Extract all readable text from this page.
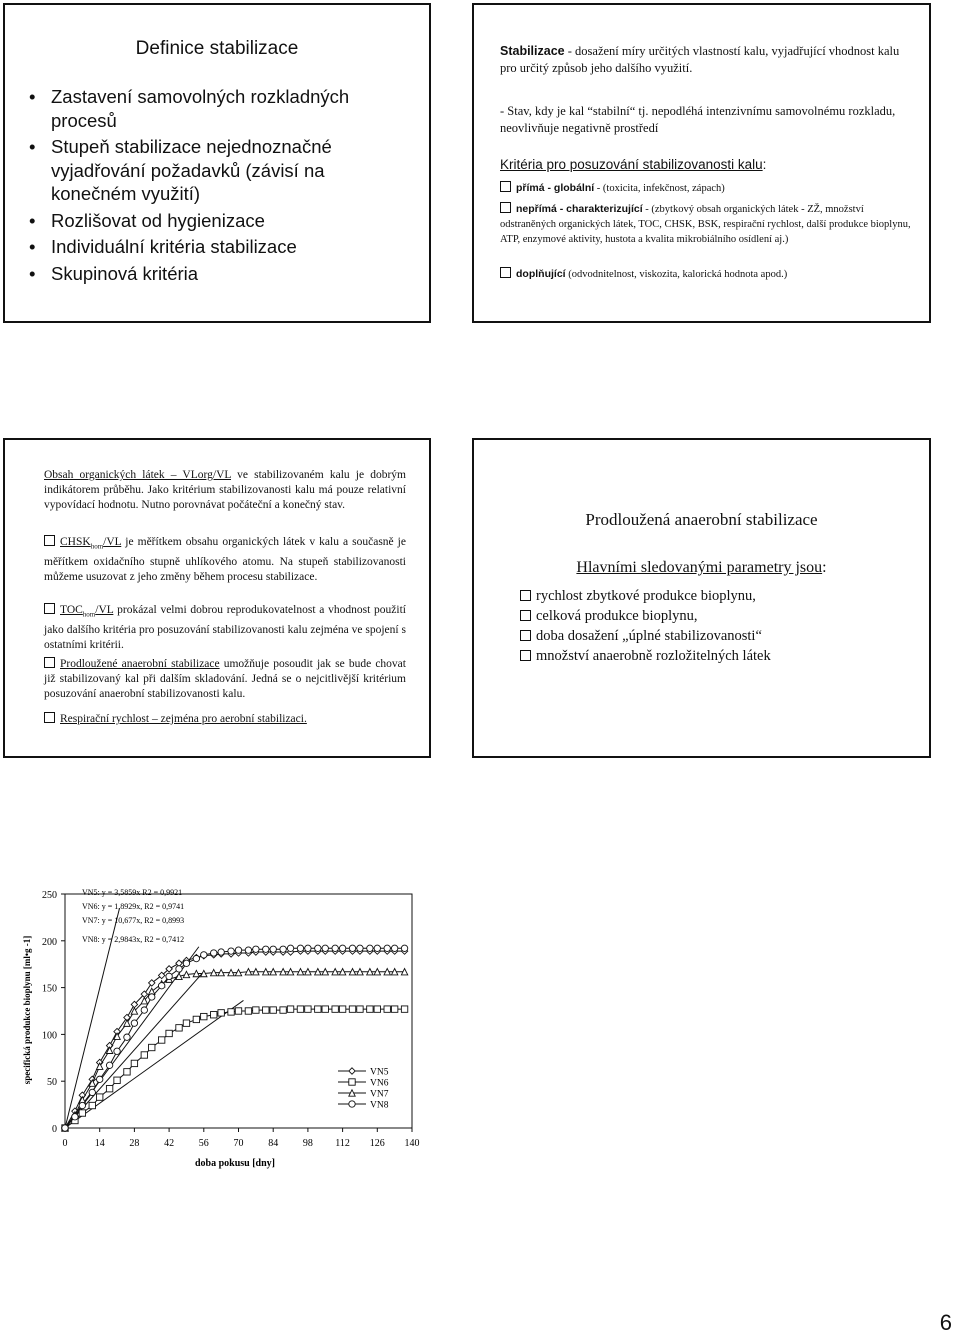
Definice stabilizace
• Zastavení samovolných rozkladných procesů
• Stupeň stabilizace nejednoznačné vyjadřování požadavků (závisí na konečném využití)
• Rozlišovat od hygienizace
• Individuální kritéria stabilizace
• Skupinová kritéria
Stabilizace - dosažení míry určitých vlastností kalu, vyjadřující vhodnost kalu pro určitý způsob jeho dalšího využití.
- Stav, kdy je kal “stabilní“ tj. nepodléhá intenzivnímu samovolnému rozkladu, neovlivňuje negativně prostředí
Kritéria pro posuzování stabilizovanosti kalu:
přímá - globální - (toxicita, infekčnost, zápach)
nepřímá - charakterizující - (zbytkový obsah organických látek - ZŽ, množství odstraněných organických látek, TOC, CHSK, BSK, respirační rychlost, další produkce bioplynu, ATP, enzymové aktivity, hustota a kvalita mikrobiálního osídlení aj.)
doplňující (odvodnitelnost, viskozita, kalorická hodnota apod.)
Obsah organických látek – VLorg/VL ve stabilizovaném kalu je dobrým indikátorem průběhu. Jako kritérium stabilizovanosti kalu má pouze relativní vypovídací hodnotu. Nutno porovnávat počáteční a konečný stav.
$CHSK_{hom}/VL$ je měřítkem obsahu organických látek v kalu a současně je měřítkem oxidačního stupně uhlíkového atomu. Na stupeň stabilizovanosti můžeme usuzovat z jeho změny během procesu stabilizace.
$TOC_{hom}/VL$ prokázal velmi dobrou reprodukovatelnost a vhodnost použití jako dalšího kritéria pro posuzování stabilizovanosti kalu zejména ve spojení s ostatními kritérii.
Prodloužené anaerobní stabilizace umožňuje posoudit jak se bude chovat již stabilizovaný kal při dalším skladování. Jedná se o nejcitlivější kritérium posuzování anaerobní stabilizovanosti kalu.
Respirační rychlost – zejména pro aerobní stabilizaci.
Prodloužená anaerobní stabilizace
Hlavními sledovanými parametry jsou:
rychlost zbytkové produkce bioplynu,
celková produkce bioplynu,
doba dosažení „úplné stabilizovanosti“
množství anaerobně rozložitelných látek
0
50
100
150
200
250
0	14 28 42 56 70 84 98 112 126 140
VN5: y = 3,5859x R2 = 0,9921
VN6: y = 1,8929x, R2 = 0,9741
VN7: y = 10,677x, R2 = 0,8993
VN8: y = 2,9843x, R2 = 0,7412
VN5
VN6
VN7
VN8
doba pokusu [dny]
specifická produkce bioplynu [ml•g -1]
6
